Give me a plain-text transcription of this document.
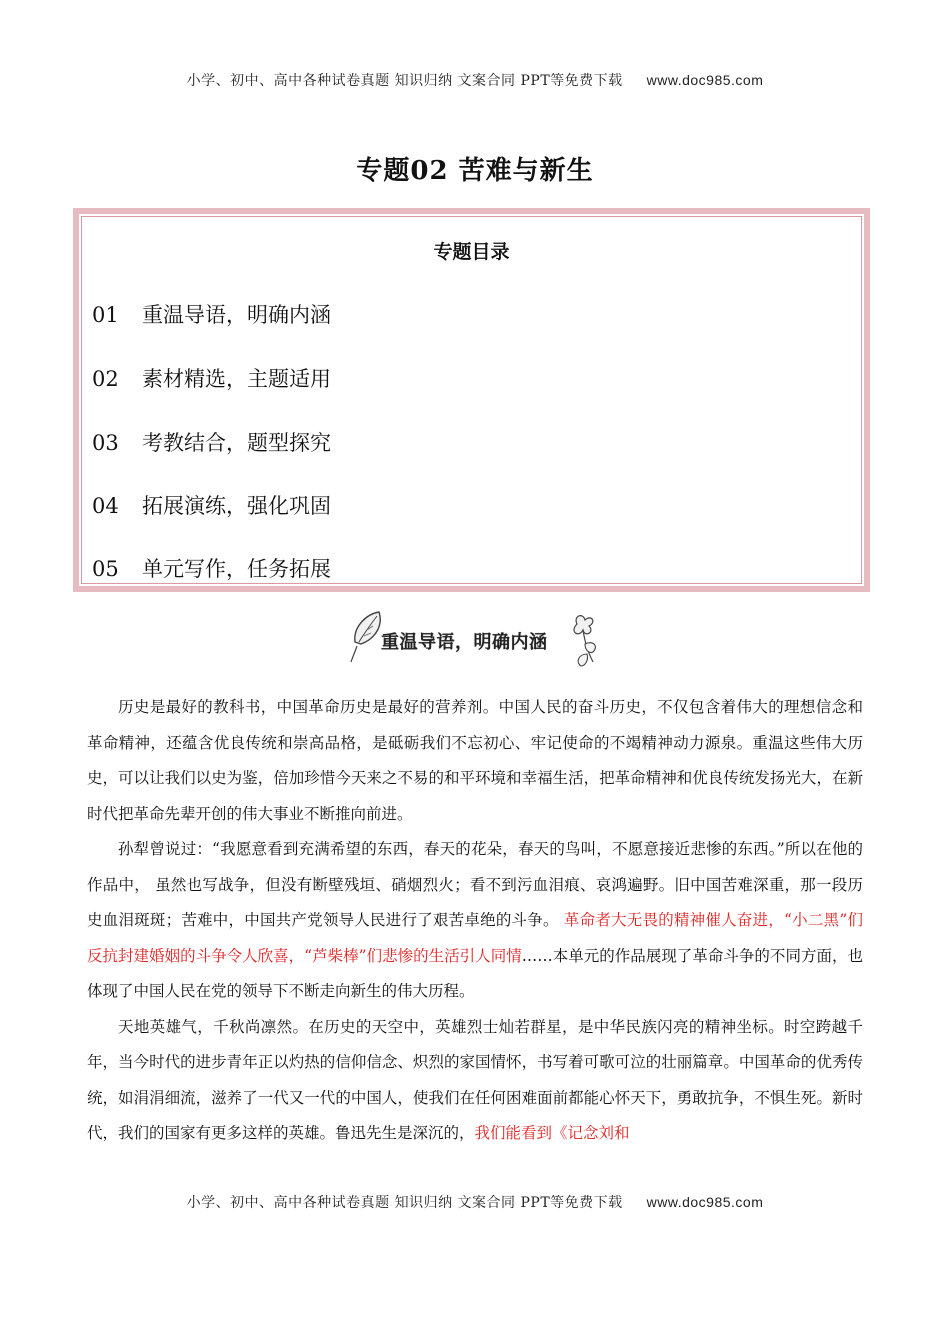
小学、初中、高中各种试卷真题 知识归纳 文案合同 PPT等免费下载 www.doc985.com
专题02 苦难与新生
专题目录
01 重温导语，明确内涵
02 素材精选，主题适用
03 考教结合，题型探究
04 拓展演练，强化巩固
05 单元写作，任务拓展
重温导语，明确内涵

历史是最好的教科书，中国革命历史是最好的营养剂。中国人民的奋斗历史，不仅包含着伟大的理想信念和 革命精神，还蕴含优良传统和崇高品格，是砥砺我们不忘初心、牢记使命的不竭精神动力源泉。重温这些伟大历史，可以让我们以史为鉴，倍加珍惜今天来之不易的和平环境和幸福生活，把革命精神和优良传统发扬光大，在新时代把革命先辈开创的伟大事业不断推向前进。

孙犁曾说过：“我愿意看到充满希望的东西，春天的花朵，春天的鸟叫，不愿意接近悲惨的东西。”所以在他的作品中， 虽然也写战争，但没有断壁残垣、硝烟烈火；看不到污血泪痕、哀鸿遍野。旧中国苦难深重，那一段历史血泪斑斑；苦难中，中国共产党领导人民进行了艰苦卓绝的斗争。 革命者大无畏的精神催人奋进，“小二黑”们反抗封建婚姻的斗争令人欣喜，“芦柴棒”们悲惨的生活引人同情……本单元的作品展现了革命斗争的不同方面，也体现了中国人民在党的领导下不断走向新生的伟大历程。

天地英雄气，千秋尚凛然。在历史的天空中，英雄烈士灿若群星，是中华民族闪亮的精神坐标。时空跨越千年，当今时代的进步青年正以灼热的信仰信念、炽烈的家国情怀，书写着可歌可泣的壮丽篇章。中国革命的优秀传统，如涓涓细流，滋养了一代又一代的中国人，使我们在任何困难面前都能心怀天下，勇敢抗争，不惧生死。新时代，我们的国家有更多这样的英雄。鲁迅先生是深沉的，我们能看到《记念刘和

小学、初中、高中各种试卷真题 知识归纳 文案合同 PPT等免费下载 www.doc985.com
